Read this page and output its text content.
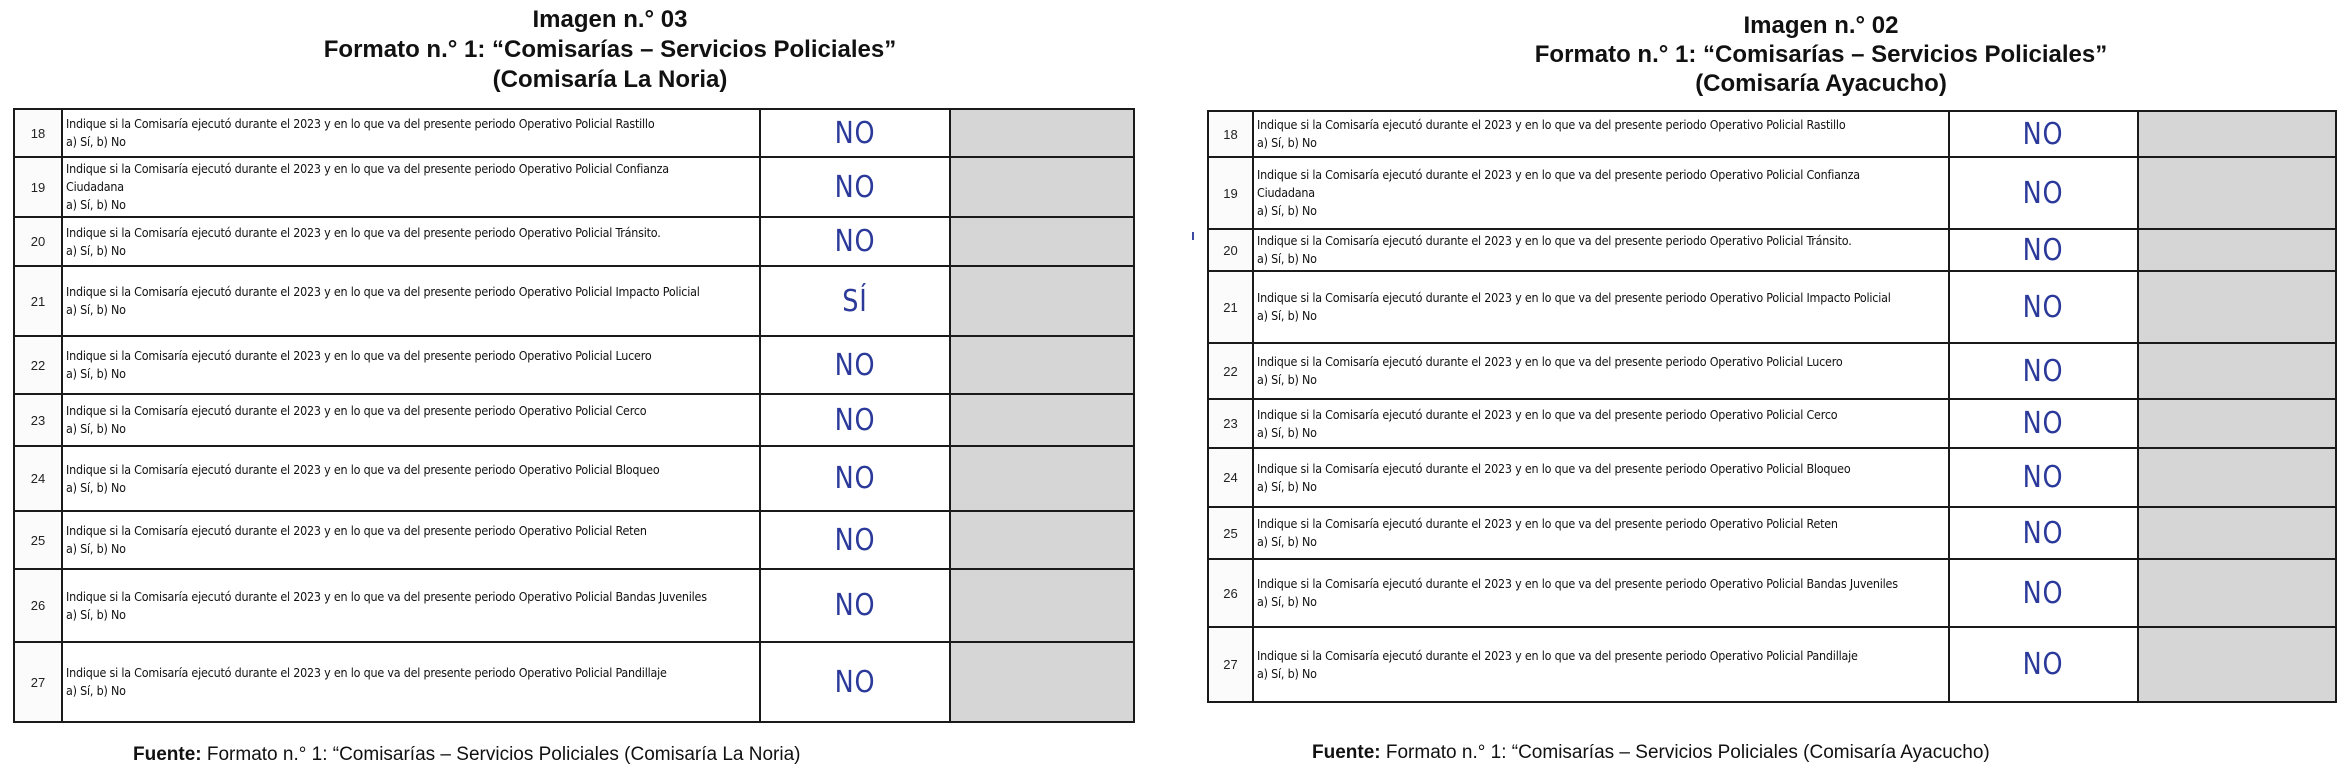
Imagen n.° 03
Formato n.° 1: “Comisarías – Servicios Policiales”
(Comisaría La Noria)
18	Indique si la Comisaría ejecutó durante el 2023 y en lo que va del presente periodo Operativo Policial Rastillo
a) Sí, b) No	NO	
19	Indique si la Comisaría ejecutó durante el 2023 y en lo que va del presente periodo Operativo Policial Confianza
Ciudadana
a) Sí, b) No	NO	
20	Indique si la Comisaría ejecutó durante el 2023 y en lo que va del presente periodo Operativo Policial Tránsito.
a) Sí, b) No	NO	
21	Indique si la Comisaría ejecutó durante el 2023 y en lo que va del presente periodo Operativo Policial Impacto Policial
a) Sí, b) No	SÍ	
22	Indique si la Comisaría ejecutó durante el 2023 y en lo que va del presente periodo Operativo Policial Lucero
a) Sí, b) No	NO	
23	Indique si la Comisaría ejecutó durante el 2023 y en lo que va del presente periodo Operativo Policial Cerco
a) Sí, b) No	NO	
24	Indique si la Comisaría ejecutó durante el 2023 y en lo que va del presente periodo Operativo Policial Bloqueo
a) Sí, b) No	NO	
25	Indique si la Comisaría ejecutó durante el 2023 y en lo que va del presente periodo Operativo Policial Reten
a) Sí, b) No	NO	
26	Indique si la Comisaría ejecutó durante el 2023 y en lo que va del presente periodo Operativo Policial Bandas Juveniles
a) Sí, b) No	NO	
27	Indique si la Comisaría ejecutó durante el 2023 y en lo que va del presente periodo Operativo Policial Pandillaje
a) Sí, b) No	NO	
Fuente: Formato n.° 1: “Comisarías – Servicios Policiales (Comisaría La Noria)
Imagen n.° 02
Formato n.° 1: “Comisarías – Servicios Policiales”
(Comisaría Ayacucho)
18	Indique si la Comisaría ejecutó durante el 2023 y en lo que va del presente periodo Operativo Policial Rastillo
a) Sí, b) No	NO	
19	Indique si la Comisaría ejecutó durante el 2023 y en lo que va del presente periodo Operativo Policial Confianza
Ciudadana
a) Sí, b) No	NO	
20	Indique si la Comisaría ejecutó durante el 2023 y en lo que va del presente periodo Operativo Policial Tránsito.
a) Sí, b) No	NO	
21	Indique si la Comisaría ejecutó durante el 2023 y en lo que va del presente periodo Operativo Policial Impacto Policial
a) Sí, b) No	NO	
22	Indique si la Comisaría ejecutó durante el 2023 y en lo que va del presente periodo Operativo Policial Lucero
a) Sí, b) No	NO	
23	Indique si la Comisaría ejecutó durante el 2023 y en lo que va del presente periodo Operativo Policial Cerco
a) Sí, b) No	NO	
24	Indique si la Comisaría ejecutó durante el 2023 y en lo que va del presente periodo Operativo Policial Bloqueo
a) Sí, b) No	NO	
25	Indique si la Comisaría ejecutó durante el 2023 y en lo que va del presente periodo Operativo Policial Reten
a) Sí, b) No	NO	
26	Indique si la Comisaría ejecutó durante el 2023 y en lo que va del presente periodo Operativo Policial Bandas Juveniles
a) Sí, b) No	NO	
27	Indique si la Comisaría ejecutó durante el 2023 y en lo que va del presente periodo Operativo Policial Pandillaje
a) Sí, b) No	NO	
Fuente: Formato n.° 1: “Comisarías – Servicios Policiales (Comisaría Ayacucho)
